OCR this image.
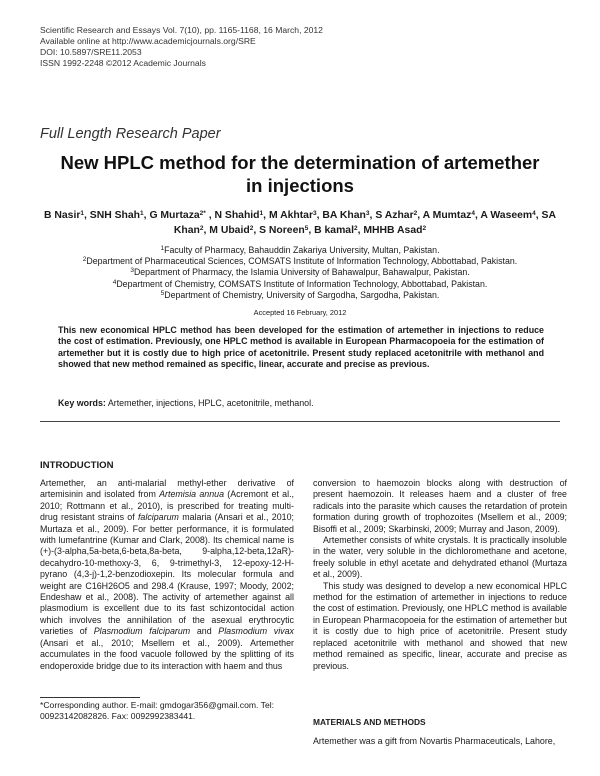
Scientific Research and Essays Vol. 7(10), pp. 1165-1168, 16 March, 2012
Available online at http://www.academicjournals.org/SRE
DOI: 10.5897/SRE11.2053
ISSN 1992-2248 ©2012 Academic Journals
Full Length Research Paper
New HPLC method for the determination of artemether
in injections
B Nasir$^1$, SNH Shah$^1$, G Murtaza$^{2*}$ , N Shahid$^1$, M Akhtar$^3$, BA Khan$^3$, S Azhar$^2$, A Mumtaz$^4$, A Waseem$^4$, SA Khan$^2$, M Ubaid$^2$, S Noreen$^5$, B kamal$^2$, MHHB Asad$^2$
$^1$Faculty of Pharmacy, Bahauddin Zakariya University, Multan, Pakistan.
$^2$Department of Pharmaceutical Sciences, COMSATS Institute of Information Technology, Abbottabad, Pakistan.
$^3$Department of Pharmacy, the Islamia University of Bahawalpur, Bahawalpur, Pakistan.
$^4$Department of Chemistry, COMSATS Institute of Information Technology, Abbottabad, Pakistan.
$^5$Department of Chemistry, University of Sargodha, Sargodha, Pakistan.
Accepted 16 February, 2012
This new economical HPLC method has been developed for the estimation of artemether in injections to reduce the cost of estimation. Previously, one HPLC method is available in European Pharmacopoeia for the estimation of artemether but it is costly due to high price of acetonitrile. Present study replaced acetonitrile with methanol and showed that new method remained as specific, linear, accurate and precise as previous.
Key words: Artemether, injections, HPLC, acetonitrile, methanol.
INTRODUCTION

Artemether, an anti-malarial methyl-ether derivative of artemisinin and isolated from Artemisia annua (Acremont et al., 2010; Rottmann et al., 2010), is prescribed for treating multi-drug resistant strains of falciparum malaria (Ansari et al., 2010; Murtaza et al., 2009). For better performance, it is formulated with lumefantrine (Kumar and Clark, 2008). Its chemical name is (+)-(3-alpha,5a-beta,6-beta,8a-beta, 9-alpha,12-beta,12aR)-decahydro-10-methoxy-3, 6, 9-trimethyl-3, 12-epoxy-12-H-pyrano (4,3-j)-1,2-benzodioxepin. Its molecular formula and weight are C16H26O5 and 298.4 (Krause, 1997; Moody, 2002; Endeshaw et al., 2008). The activity of artemether against all plasmodium is excellent due to its fast schizontocidal action which involves the annihilation of the asexual erythrocytic varieties of Plasmodium falciparum and Plasmodium vivax (Ansari et al., 2010; Msellem et al., 2009). Artemether accumulates in the food vacuole followed by the splitting of its endoperoxide bridge due to its interaction with haem and thus

conversion to haemozoin blocks along with destruction of present haemozoin. It releases haem and a cluster of free radicals into the parasite which causes the retardation of protein formation during growth of trophozoites (Msellem et al., 2009; Bisoffi et al., 2009; Skarbinski, 2009; Murray and Jason, 2009).

Artemether consists of white crystals. It is practically insoluble in the water, very soluble in the dichloromethane and acetone, freely soluble in ethyl acetate and dehydrated ethanol (Murtaza et al., 2009).

This study was designed to develop a new economical HPLC method for the estimation of artemether in injections to reduce the cost of estimation. Previously, one HPLC method is available in European Pharmacopoeia for the estimation of artemether but it is costly due to high price of acetonitrile. Present study replaced acetonitrile with methanol and showed that new method remained as specific, linear, accurate and precise as previous.

MATERIALS AND METHODS
Artemether was a gift from Novartis Pharmaceuticals, Lahore,
*Corresponding author. E-mail: gmdogar356@gmail.com. Tel: 00923142082826. Fax: 0092992383441.
